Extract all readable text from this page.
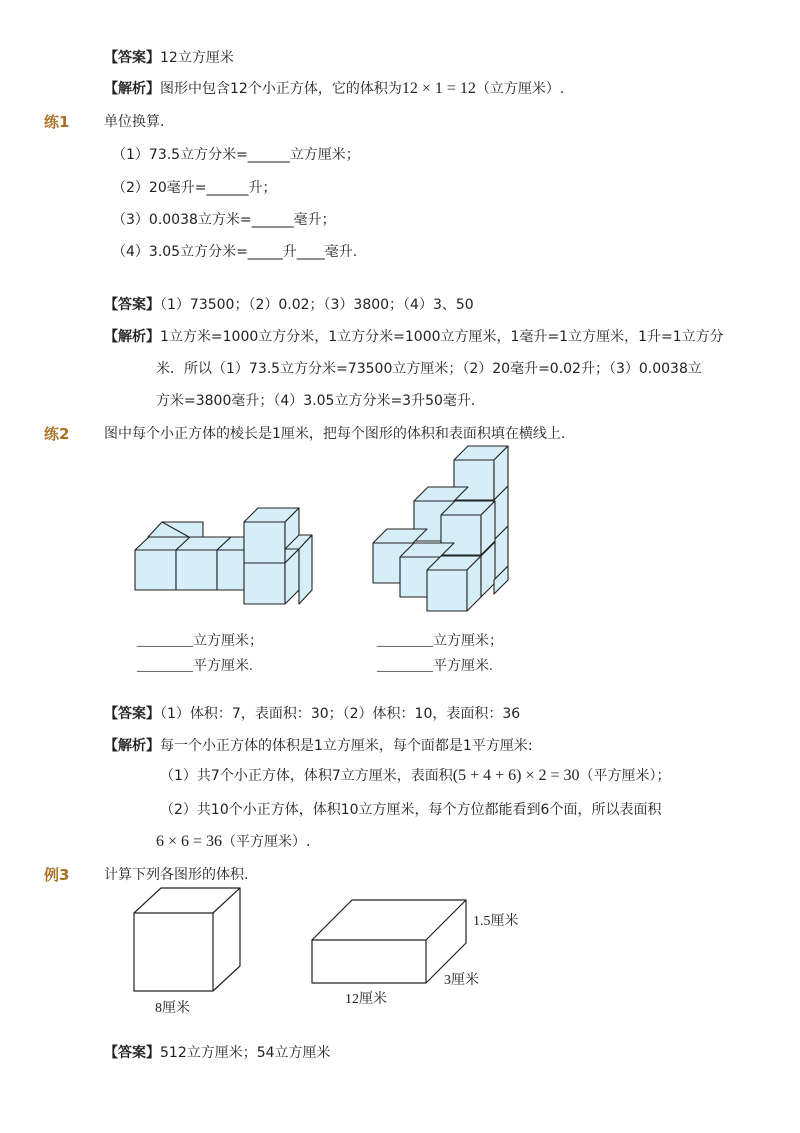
【答案】12立方厘米
【解析】图形中包含12个小正方体，它的体积为12 × 1 = 12（立方厘米）.
练1 单位换算.
（1）73.5立方分米=______立方厘米；
（2）20毫升=______升；
（3）0.0038立方米=______毫升；
（4）3.05立方分米=_____升____毫升.
【答案】（1）73500；（2）0.02；（3）3800；（4）3、50
【解析】1立方米=1000立方分米，1立方分米=1000立方厘米，1毫升=1立方厘米，1升=1立方分
米．所以（1）73.5立方分米=73500立方厘米；（2）20毫升=0.02升；（3）0.0038立
方米=3800毫升；（4）3.05立方分米=3升50毫升.
练2 图中每个小正方体的棱长是1厘米，把每个图形的体积和表面积填在横线上.
________立方厘米；
________平方厘米.
________立方厘米；
________平方厘米.
【答案】（1）体积：7，表面积：30；（2）体积：10，表面积：36
【解析】每一个小正方体的体积是1立方厘米，每个面都是1平方厘米:
（1）共7个小正方体，体积7立方厘米，表面积(5 + 4 + 6) × 2 = 30（平方厘米）；
（2）共10个小正方体，体积10立方厘米，每个方位都能看到6个面，所以表面积
6 × 6 = 36（平方厘米）.
例3 计算下列各图形的体积.
8厘米
1.5厘米
3厘米
12厘米
【答案】512立方厘米；54立方厘米
